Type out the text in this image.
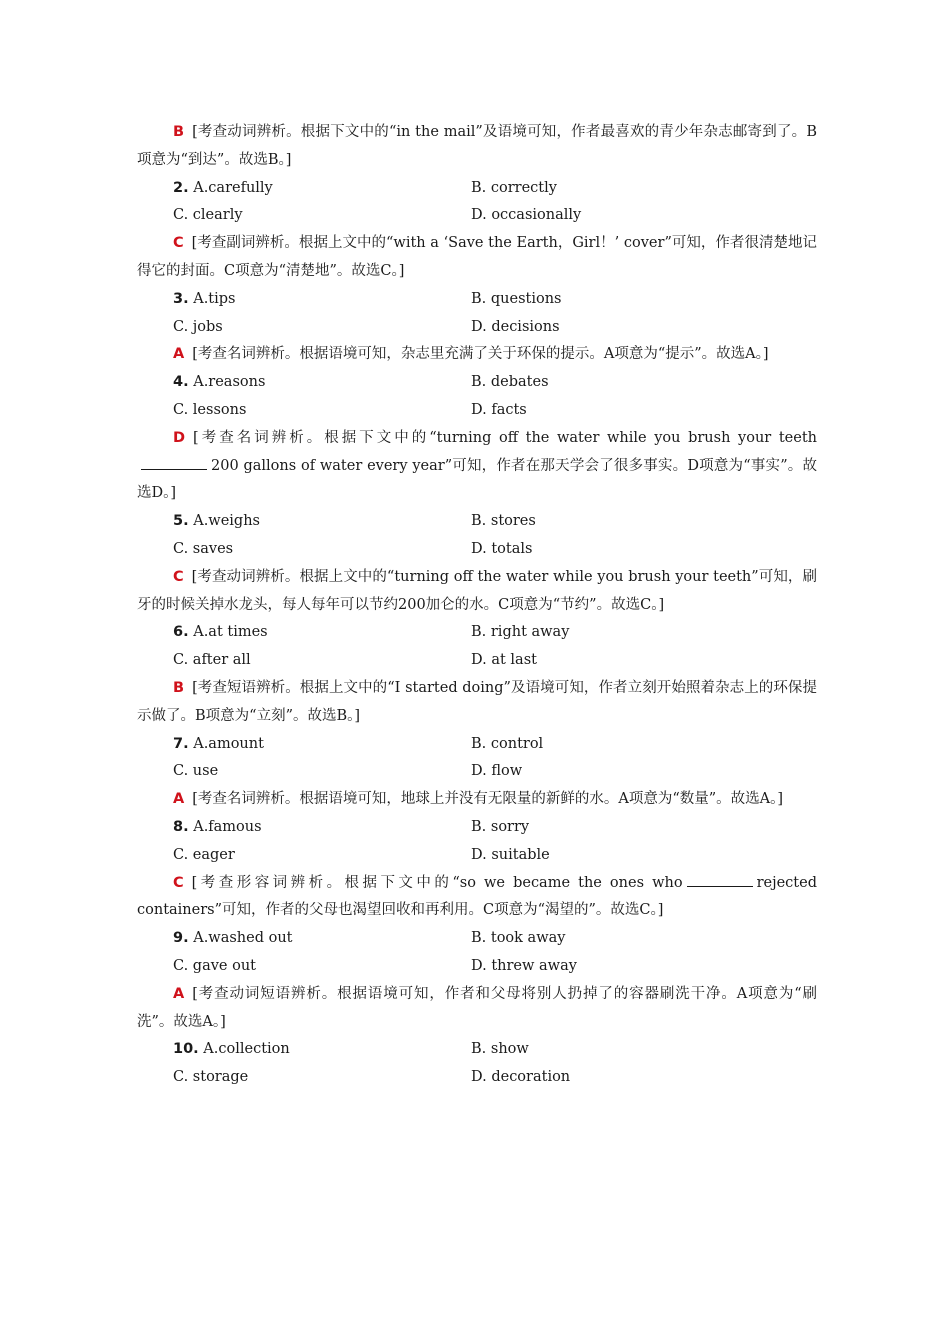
B [考查动词辨析。根据下文中的“in the mail”及语境可知，作者最喜欢的青少年杂志邮寄到了。B项意为“到达”。故选B。]
2. A.carefully	B. correctly
C. clearly	D. occasionally
C [考查副词辨析。根据上文中的“with a ‘Save the Earth，Girl！’ cover”可知，作者很清楚地记得它的封面。C项意为“清楚地”。故选C。]
3. A.tips	B. questions
C. jobs	D. decisions
A [考查名词辨析。根据语境可知，杂志里充满了关于环保的提示。A项意为“提示”。故选A。]
4. A.reasons	B. debates
C. lessons	D. facts
D [考查名词辨析。根据下文中的“turning off the water while you brush your teeth200 gallons of water every year”可知，作者在那天学会了很多事实。D项意为“事实”。故选D。]
5. A.weighs	B. stores
C. saves	D. totals
C [考查动词辨析。根据上文中的“turning off the water while you brush your teeth”可知，刷牙的时候关掉水龙头，每人每年可以节约200加仑的水。C项意为“节约”。故选C。]
6. A.at times	B. right away
C. after all	D. at last
B [考查短语辨析。根据上文中的“I started doing”及语境可知，作者立刻开始照着杂志上的环保提示做了。B项意为“立刻”。故选B。]
7. A.amount	B. control
C. use	D. flow
A [考查名词辨析。根据语境可知，地球上并没有无限量的新鲜的水。A项意为“数量”。故选A。]
8. A.famous	B. sorry
C. eager	D. suitable
C [考查形容词辨析。根据下文中的“so we became the ones who	rejected containers”可知，作者的父母也渴望回收和再利用。C项意为“渴望的”。故选C。]
9. A.washed out	B. took away
C. gave out	D. threw away
A [考查动词短语辨析。根据语境可知，作者和父母将别人扔掉了的容器刷洗干净。A项意为“刷洗”。故选A。]
10. A.collection	B. show
C. storage	D. decoration
